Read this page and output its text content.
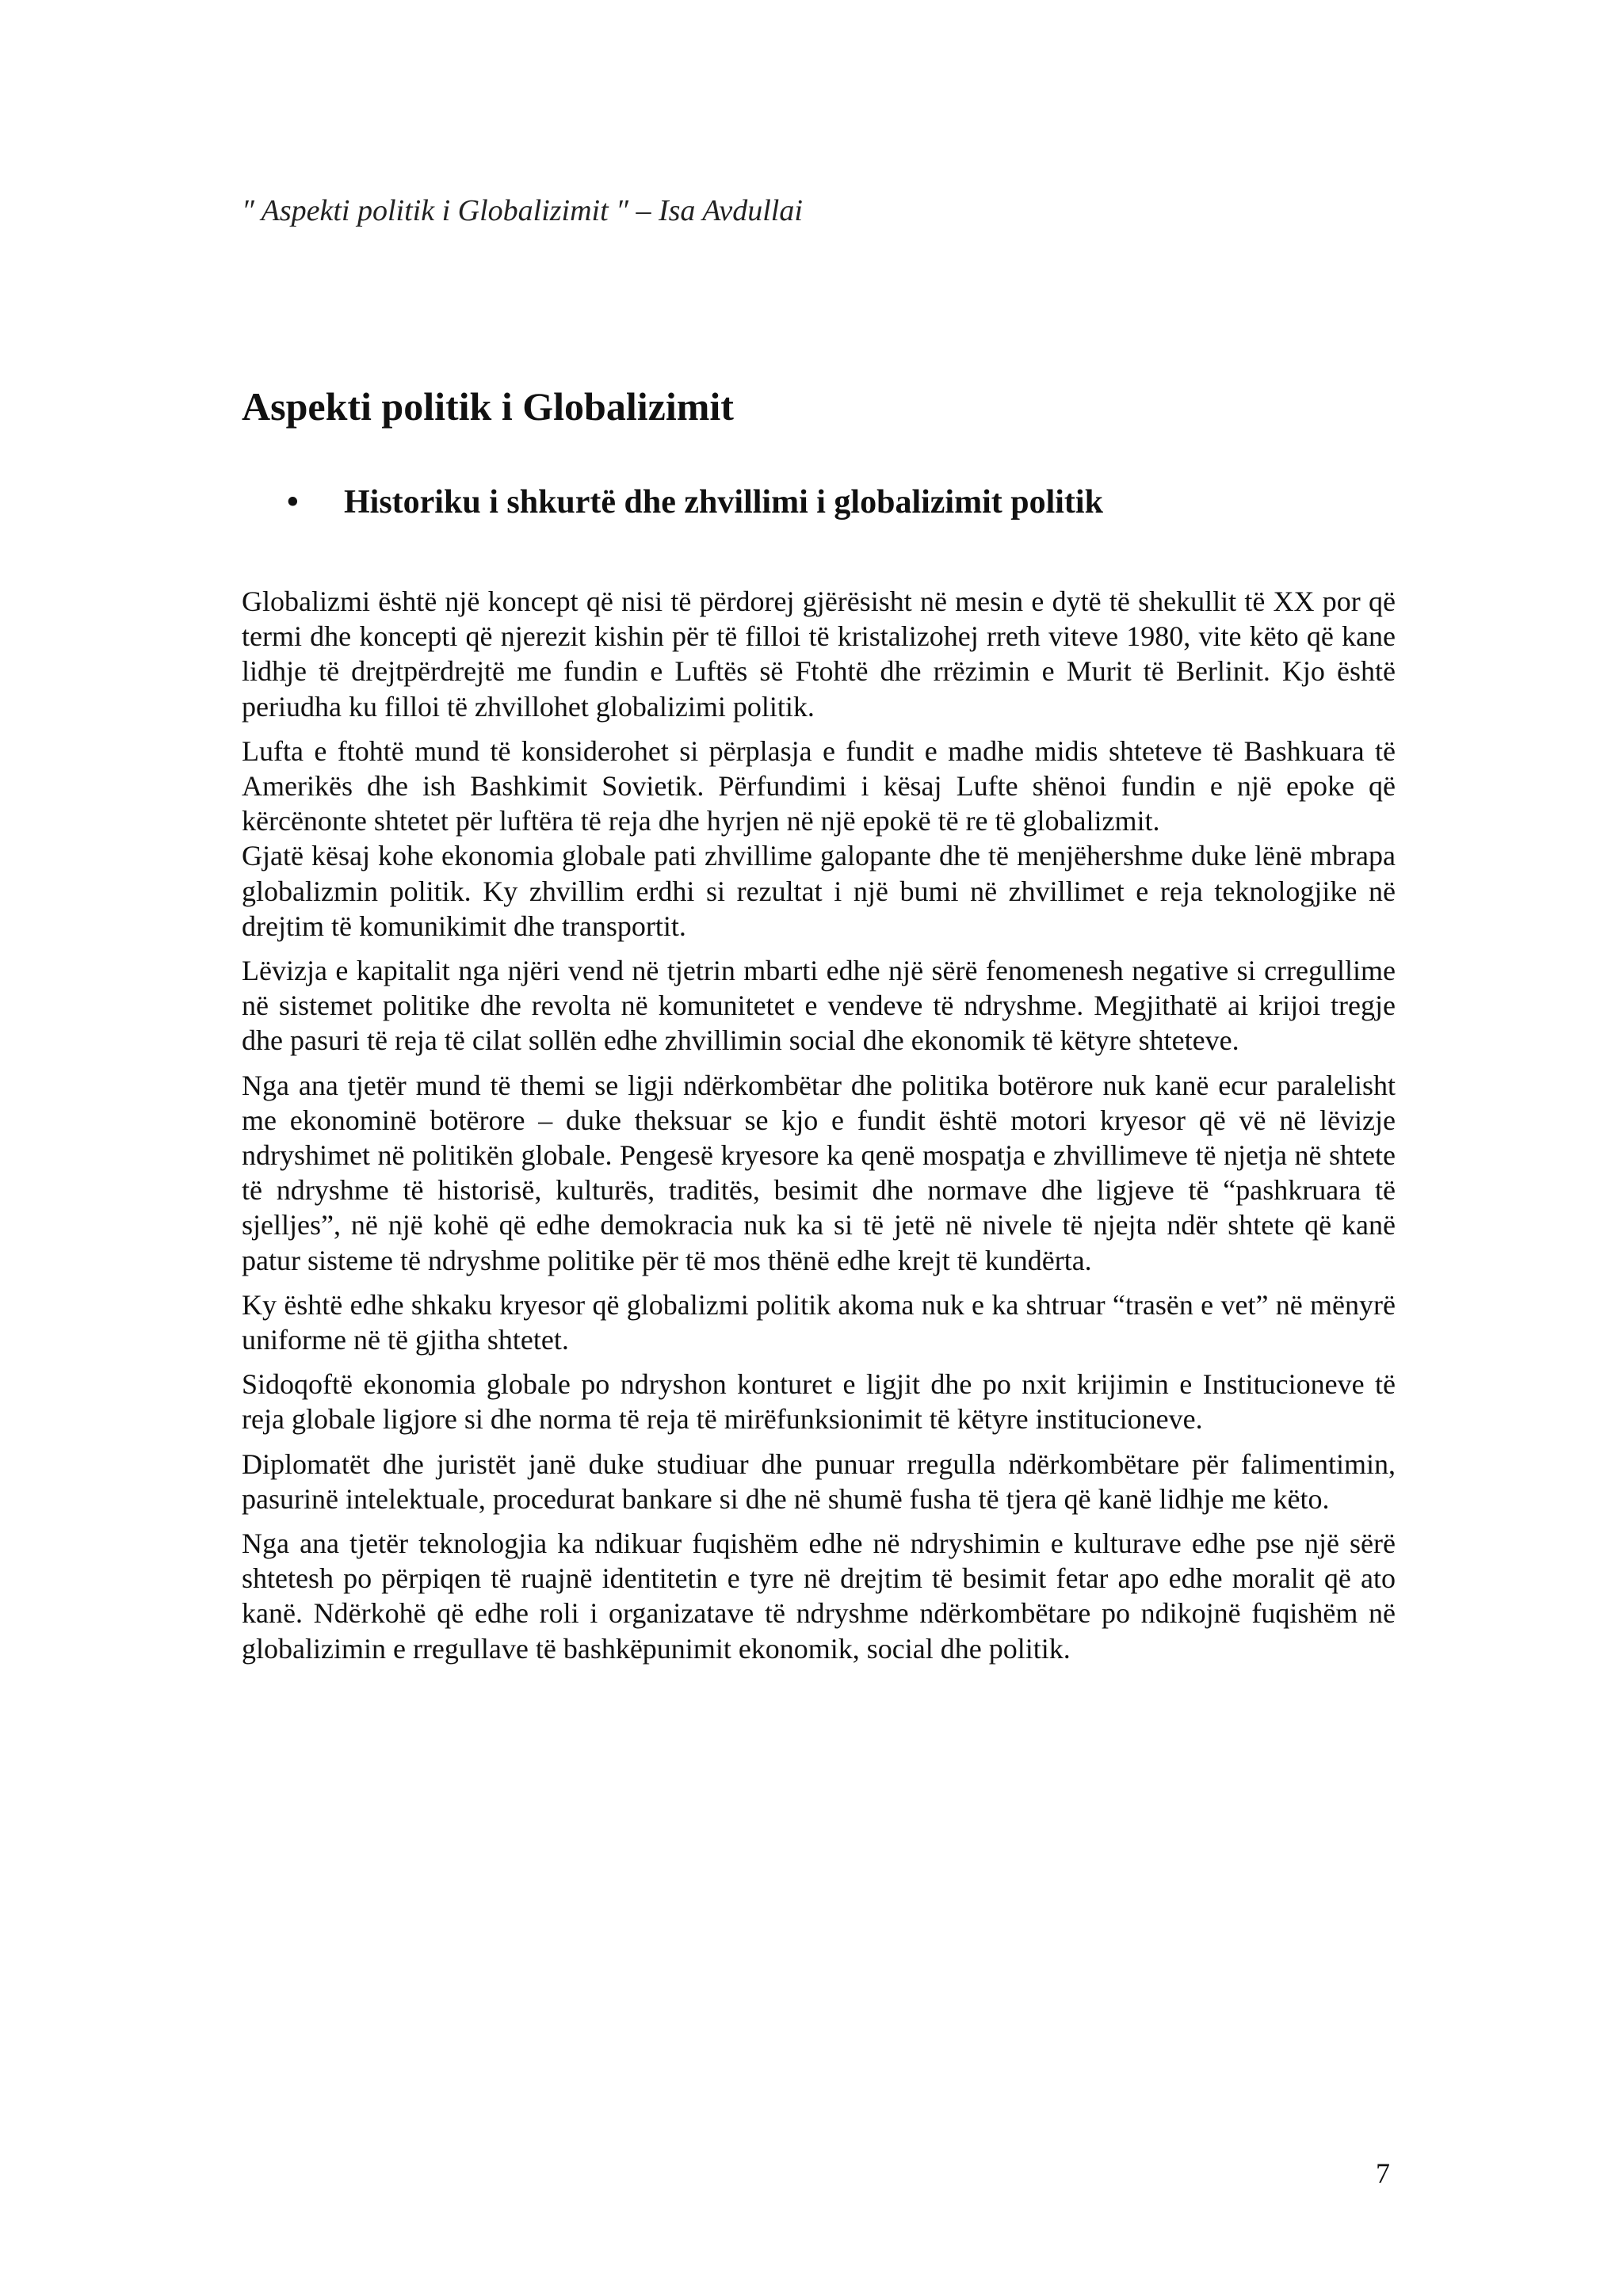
″ Aspekti politik i Globalizimit ″ – Isa Avdullai
Aspekti politik i Globalizimit
• Historiku i shkurtë dhe zhvillimi i globalizimit politik

Globalizmi është një koncept që nisi të përdorej gjërësisht në mesin e dytë të shekullit të XX por që termi dhe koncepti që njerezit kishin për të filloi të kristalizohej rreth viteve 1980, vite këto që kane lidhje të drejtpërdrejtë me fundin e Luftës së Ftohtë dhe rrëzimin e Murit të Berlinit. Kjo është periudha ku filloi të zhvillohet globalizimi politik.

Lufta e ftohtë mund të konsiderohet si përplasja e fundit e madhe midis shteteve të Bashkuara të Amerikës dhe ish Bashkimit Sovietik. Përfundimi i kësaj Lufte shënoi fundin e një epoke që kërcënonte shtetet për luftëra të reja dhe hyrjen në një epokë të re të globalizmit.

Gjatë kësaj kohe ekonomia globale pati zhvillime galopante dhe të menjëhershme duke lënë mbrapa globalizmin politik. Ky zhvillim erdhi si rezultat i një bumi në zhvillimet e reja teknologjike në drejtim të komunikimit dhe transportit.

Lëvizja e kapitalit nga njëri vend në tjetrin mbarti edhe një sërë fenomenesh negative si crregullime në sistemet politike dhe revolta në komunitetet e vendeve të ndryshme. Megjithatë ai krijoi tregje dhe pasuri të reja të cilat sollën edhe zhvillimin social dhe ekonomik të këtyre shteteve.

Nga ana tjetër mund të themi se ligji ndërkombëtar dhe politika botërore nuk kanë ecur paralelisht me ekonominë botërore – duke theksuar se kjo e fundit është motori kryesor që vë në lëvizje ndryshimet në politikën globale. Pengesë kryesore ka qenë mospatja e zhvillimeve të njetja në shtete të ndryshme të historisë, kulturës, traditës, besimit dhe normave dhe ligjeve të “pashkruara të sjelljes”, në një kohë që edhe demokracia nuk ka si të jetë në nivele të njejta ndër shtete që kanë patur sisteme të ndryshme politike për të mos thënë edhe krejt të kundërta.

Ky është edhe shkaku kryesor që globalizmi politik akoma nuk e ka shtruar “trasën e vet” në mënyrë uniforme në të gjitha shtetet.

Sidoqoftë ekonomia globale po ndryshon konturet e ligjit dhe po nxit krijimin e Institucioneve të reja globale ligjore si dhe norma të reja të mirëfunksionimit të këtyre institucioneve.

Diplomatët dhe juristët janë duke studiuar dhe punuar rregulla ndërkombëtare për falimentimin, pasurinë intelektuale, procedurat bankare si dhe në shumë fusha të tjera që kanë lidhje me këto.

Nga ana tjetër teknologjia ka ndikuar fuqishëm edhe në ndryshimin e kulturave edhe pse një sërë shtetesh po përpiqen të ruajnë identitetin e tyre në drejtim të besimit fetar apo edhe moralit që ato kanë. Ndërkohë që edhe roli i organizatave të ndryshme ndërkombëtare po ndikojnë fuqishëm në globalizimin e rregullave të bashkëpunimit ekonomik, social dhe politik.

7
